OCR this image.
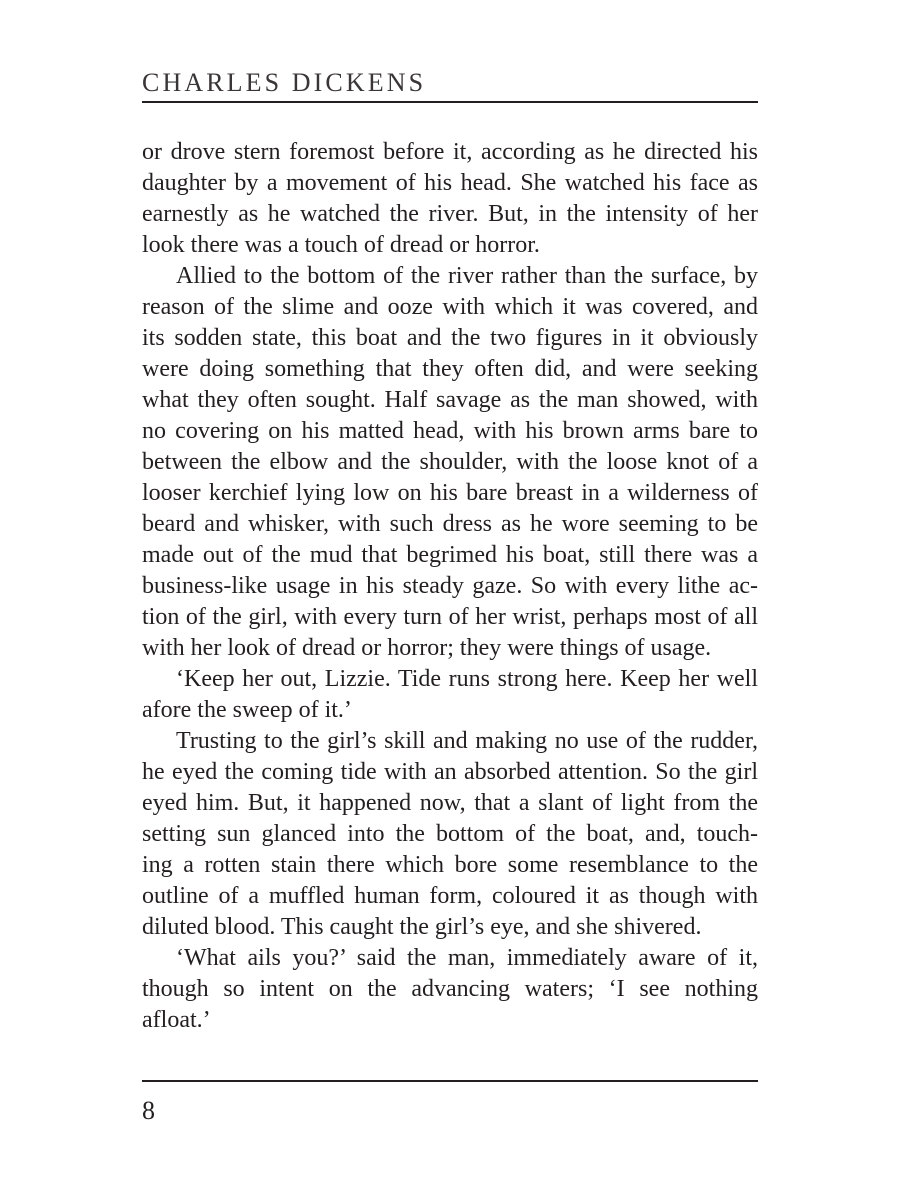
CHARLES DICKENS
or drove stern foremost before it, according as he directed his
daughter by a movement of his head. She watched his face as
earnestly as he watched the river. But, in the intensity of her
look there was a touch of dread or horror.
Allied to the bottom of the river rather than the surface, by
reason of the slime and ooze with which it was covered, and
its sodden state, this boat and the two figures in it obviously
were doing something that they often did, and were seeking
what they often sought. Half savage as the man showed, with
no covering on his matted head, with his brown arms bare to
between the elbow and the shoulder, with the loose knot of a
looser kerchief lying low on his bare breast in a wilderness of
beard and whisker, with such dress as he wore seeming to be
made out of the mud that begrimed his boat, still there was a
business-like usage in his steady gaze. So with every lithe ac-
tion of the girl, with every turn of her wrist, perhaps most of all
with her look of dread or horror; they were things of usage.
‘Keep her out, Lizzie. Tide runs strong here. Keep her well
afore the sweep of it.’
Trusting to the girl’s skill and making no use of the rudder,
he eyed the coming tide with an absorbed attention. So the girl
eyed him. But, it happened now, that a slant of light from the
setting sun glanced into the bottom of the boat, and, touch-
ing a rotten stain there which bore some resemblance to the
outline of a muffled human form, coloured it as though with
diluted blood. This caught the girl’s eye, and she shivered.
‘What ails you?’ said the man, immediately aware of it,
though so intent on the advancing waters; ‘I see nothing
afloat.’
8
